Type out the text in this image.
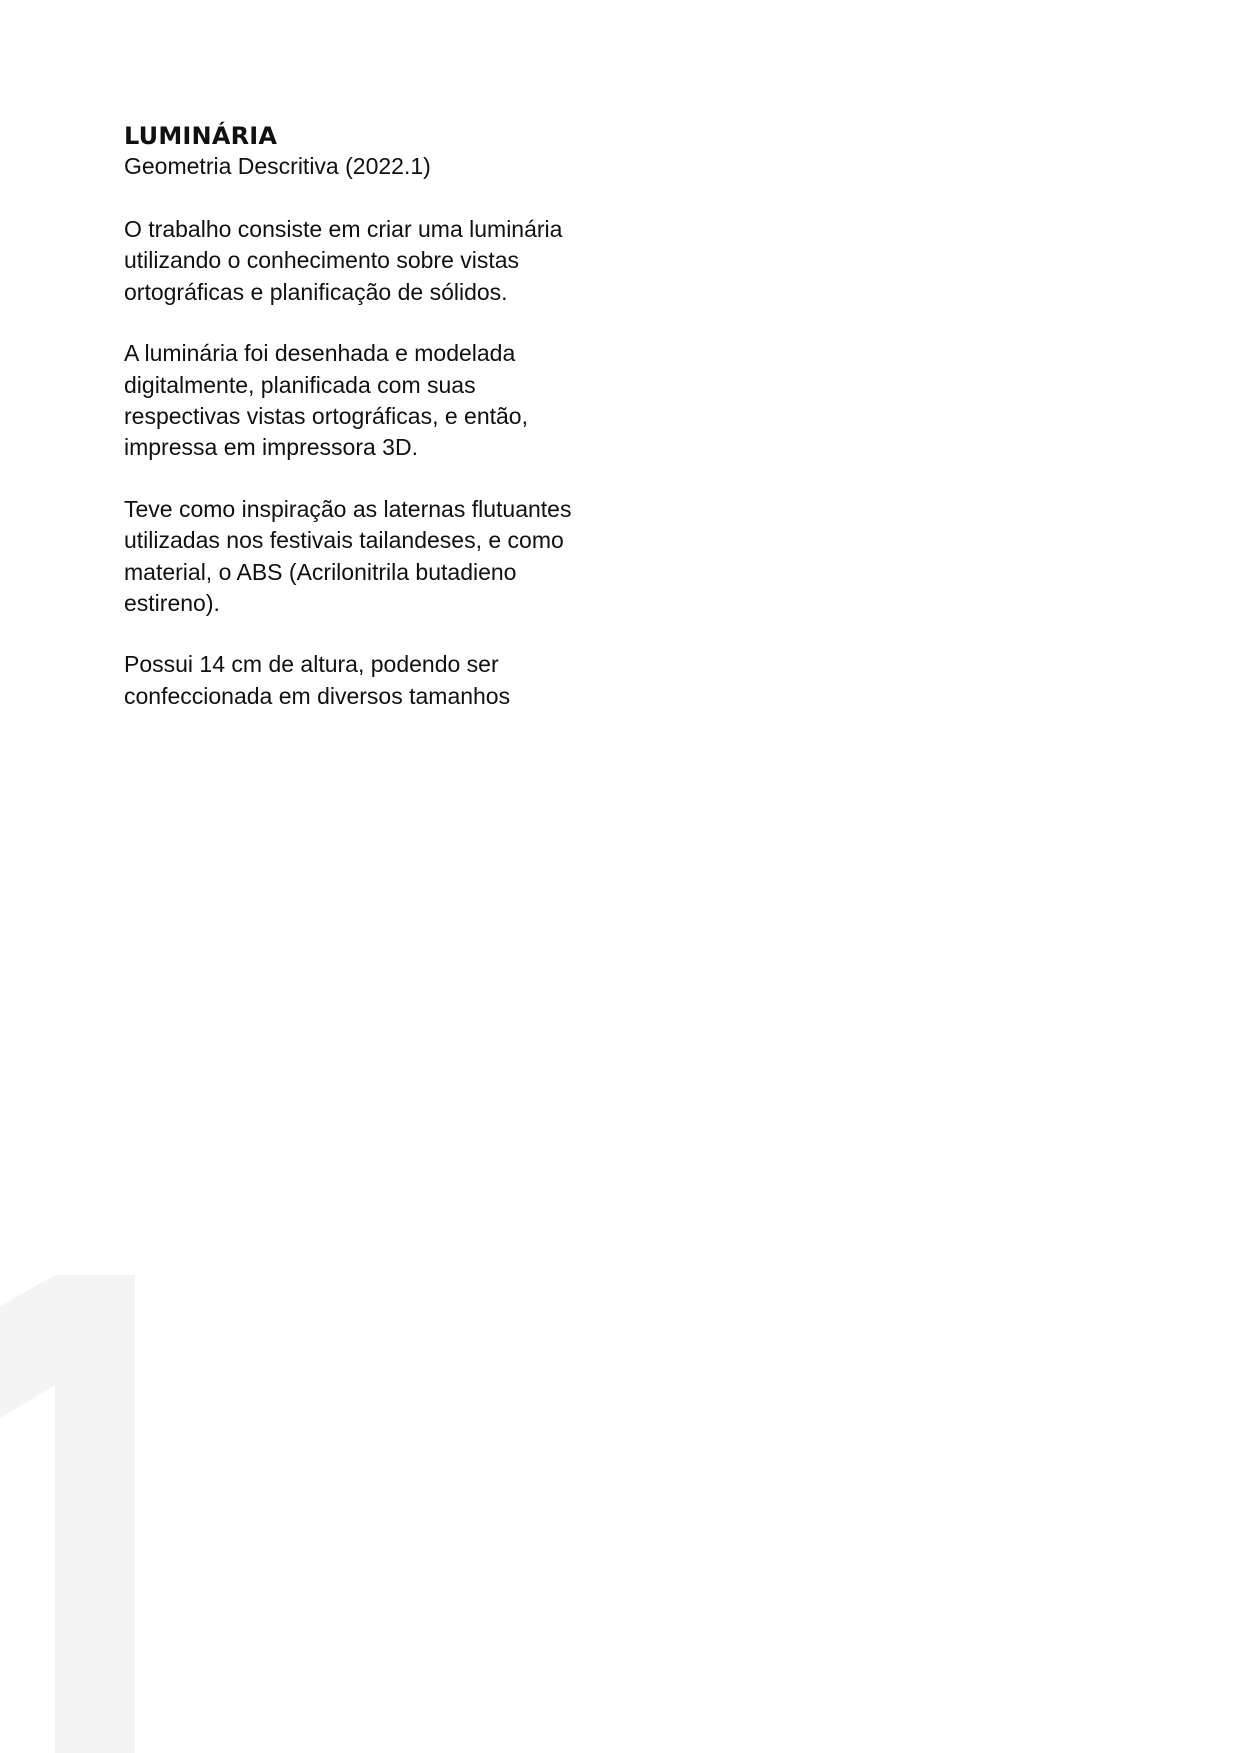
LUMINÁRIA

Geometria Descritiva (2022.1)

O trabalho consiste em criar uma luminária utilizando o conhecimento sobre vistas ortográficas e planificação de sólidos.

A luminária foi desenhada e modelada digitalmente, planificada com suas respectivas vistas ortográficas, e então, impressa em impressora 3D.

Teve como inspiração as laternas flutuantes utilizadas nos festivais tailandeses, e como material, o ABS (Acrilonitrila butadieno estireno).

Possui 14 cm de altura, podendo ser confeccionada em diversos tamanhos
